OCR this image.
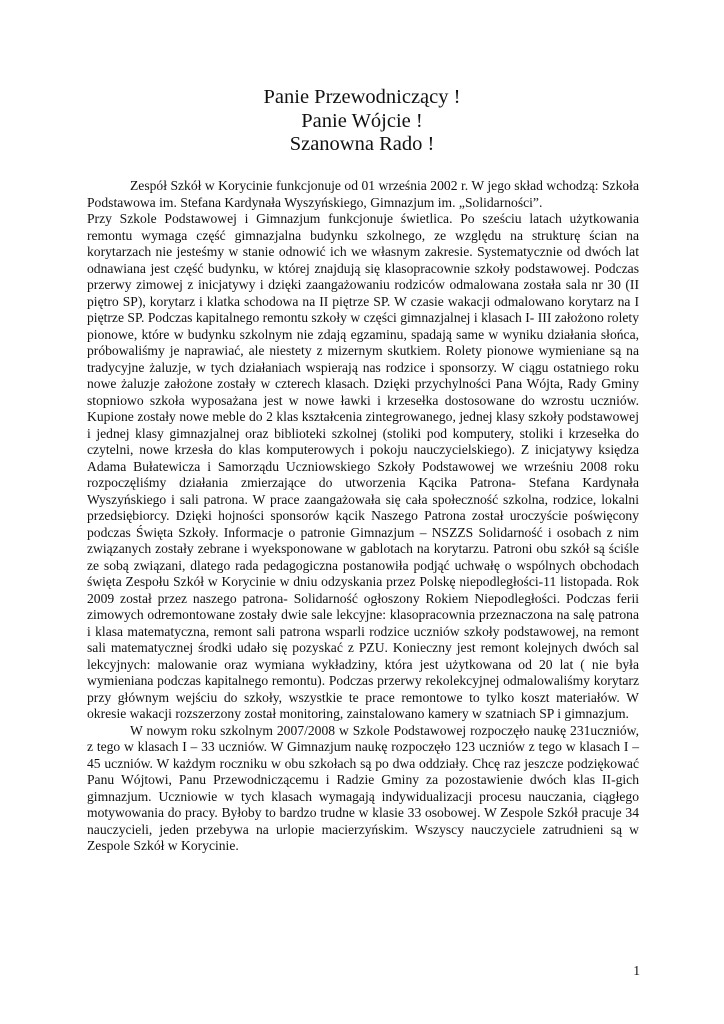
Panie Przewodniczący !
Panie Wójcie !
Szanowna Rado !

Zespół Szkół w Korycinie funkcjonuje od 01 września 2002 r. W jego skład wchodzą: Szkoła Podstawowa im. Stefana Kardynała Wyszyńskiego, Gimnazjum im. „Solidarności”.

Przy Szkole Podstawowej i Gimnazjum funkcjonuje świetlica. Po sześciu latach użytkowania remontu wymaga część gimnazjalna budynku szkolnego, ze względu na strukturę ścian na korytarzach nie jesteśmy w stanie odnowić ich we własnym zakresie. Systematycznie od dwóch lat odnawiana jest część budynku, w której znajdują się klasopracownie szkoły podstawowej. Podczas przerwy zimowej z inicjatywy i dzięki zaangażowaniu rodziców odmalowana została sala nr 30 (II piętro SP), korytarz i klatka schodowa na II piętrze SP. W czasie wakacji odmalowano korytarz na I piętrze SP. Podczas kapitalnego remontu szkoły w części gimnazjalnej i klasach I- III założono rolety pionowe, które w budynku szkolnym nie zdają egzaminu, spadają same w wyniku działania słońca, próbowaliśmy je naprawiać, ale niestety z mizernym skutkiem. Rolety pionowe wymieniane są na tradycyjne żaluzje, w tych działaniach wspierają nas rodzice i sponsorzy. W ciągu ostatniego roku nowe żaluzje założone zostały w czterech klasach. Dzięki przychylności Pana Wójta, Rady Gminy stopniowo szkoła wyposażana jest w nowe ławki i krzesełka dostosowane do wzrostu uczniów. Kupione zostały nowe meble do 2 klas kształcenia zintegrowanego, jednej klasy szkoły podstawowej i jednej klasy gimnazjalnej oraz biblioteki szkolnej (stoliki pod komputery, stoliki i krzesełka do czytelni, nowe krzesła do klas komputerowych i pokoju nauczycielskiego). Z inicjatywy księdza Adama Bułatewicza i Samorządu Uczniowskiego Szkoły Podstawowej we wrześniu 2008 roku rozpoczęliśmy działania zmierzające do utworzenia Kącika Patrona- Stefana Kardynała Wyszyńskiego i sali patrona. W prace zaangażowała się cała społeczność szkolna, rodzice, lokalni przedsiębiorcy. Dzięki hojności sponsorów kącik Naszego Patrona został uroczyście poświęcony podczas Święta Szkoły. Informacje o patronie Gimnazjum – NSZZS Solidarność i osobach z nim związanych zostały zebrane i wyeksponowane w gablotach na korytarzu. Patroni obu szkół są ściśle ze sobą związani, dlatego rada pedagogiczna postanowiła podjąć uchwałę o wspólnych obchodach święta Zespołu Szkół w Korycinie w dniu odzyskania przez Polskę niepodległości-11 listopada. Rok 2009 został przez naszego patrona- Solidarność ogłoszony Rokiem Niepodległości. Podczas ferii zimowych odremontowane zostały dwie sale lekcyjne: klasopracownia przeznaczona na salę patrona i klasa matematyczna, remont sali patrona wsparli rodzice uczniów szkoły podstawowej, na remont sali matematycznej środki udało się pozyskać z PZU. Konieczny jest remont kolejnych dwóch sal lekcyjnych: malowanie oraz wymiana wykładziny, która jest użytkowana od 20 lat ( nie była wymieniana podczas kapitalnego remontu). Podczas przerwy rekolekcyjnej odmalowaliśmy korytarz przy głównym wejściu do szkoły, wszystkie te prace remontowe to tylko koszt materiałów. W okresie wakacji rozszerzony został monitoring, zainstalowano kamery w szatniach SP i gimnazjum.

W nowym roku szkolnym 2007/2008 w Szkole Podstawowej rozpoczęło naukę 231uczniów, z tego w klasach I – 33 uczniów. W Gimnazjum naukę rozpoczęło 123 uczniów z tego w klasach I – 45 uczniów. W każdym roczniku w obu szkołach są po dwa oddziały. Chcę raz jeszcze podziękować Panu Wójtowi, Panu Przewodniczącemu i Radzie Gminy za pozostawienie dwóch klas II-gich gimnazjum. Uczniowie w tych klasach wymagają indywidualizacji procesu nauczania, ciągłego motywowania do pracy. Byłoby to bardzo trudne w klasie 33 osobowej. W Zespole Szkół pracuje 34 nauczycieli, jeden przebywa na urlopie macierzyńskim. Wszyscy nauczyciele zatrudnieni są w Zespole Szkół w Korycinie.

1
